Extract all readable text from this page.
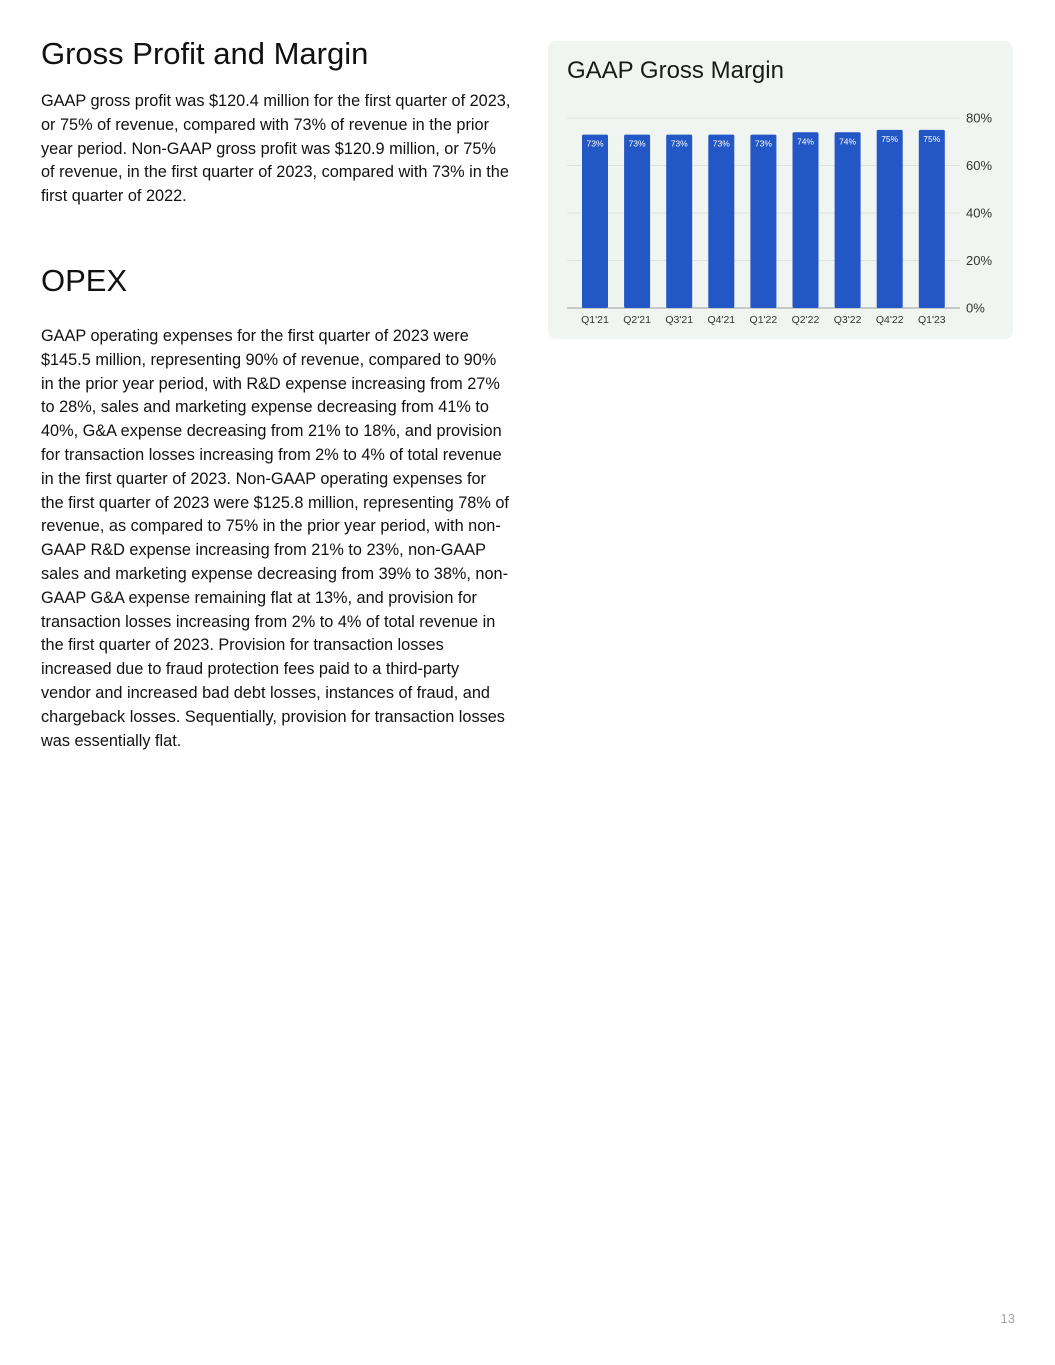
Gross Profit and Margin

GAAP gross profit was $120.4 million for the first quarter of 2023, or 75% of revenue, compared with 73% of revenue in the prior year period. Non-GAAP gross profit was $120.9 million, or 75% of revenue, in the first quarter of 2023, compared with 73% in the first quarter of 2022.

OPEX

GAAP operating expenses for the first quarter of 2023 were $145.5 million, representing 90% of revenue, compared to 90% in the prior year period, with R&D expense increasing from 27% to 28%, sales and marketing expense decreasing from 41% to 40%, G&A expense decreasing from 21% to 18%, and provision for transaction losses increasing from 2% to 4% of total revenue in the first quarter of 2023. Non-GAAP operating expenses for the first quarter of 2023 were $125.8 million, representing 78% of revenue, as compared to 75% in the prior year period, with non-GAAP R&D expense increasing from 21% to 23%, non-GAAP sales and marketing expense decreasing from 39% to 38%, non-GAAP G&A expense remaining flat at 13%, and provision for transaction losses increasing from 2% to 4% of total revenue in the first quarter of 2023. Provision for transaction losses increased due to fraud protection fees paid to a third-party vendor and increased bad debt losses, instances of fraud, and chargeback losses. Sequentially, provision for transaction losses was essentially flat.

GAAP Gross Margin
0%
20%
40%
60%
80%
73%
Q1'21
73%
Q2'21
73%
Q3'21
73%
Q4'21
73%
Q1'22
74%
Q2'22
74%
Q3'22
75%
Q4'22
75%
Q1'23
13
